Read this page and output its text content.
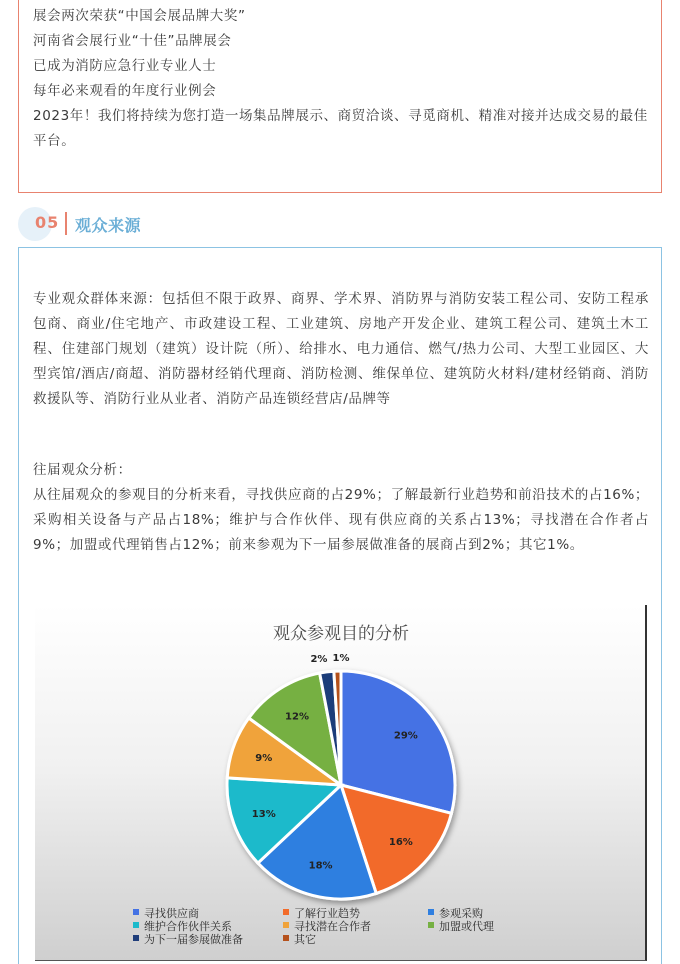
展会两次荣获“中国会展品牌大奖”
河南省会展行业“十佳”品牌展会
已成为消防应急行业专业人士
每年必来观看的年度行业例会
2023年！我们将持续为您打造一场集品牌展示、商贸洽谈、寻觅商机、精准对接并达成交易的最佳平台。
05 观众来源
专业观众群体来源：包括但不限于政界、商界、学术界、消防界与消防安装工程公司、安防工程承包商、商业/住宅地产、市政建设工程、工业建筑、房地产开发企业、建筑工程公司、建筑土木工程、住建部门规划（建筑）设计院（所）、给排水、电力通信、燃气/热力公司、大型工业园区、大型宾馆/酒店/商超、消防器材经销代理商、消防检测、维保单位、建筑防火材料/建材经销商、消防救援队等、消防行业从业者、消防产品连锁经营店/品牌等
往届观众分析：
从往届观众的参观目的分析来看，寻找供应商的占29%；了解最新行业趋势和前沿技术的占16%；采购相关设备与产品占18%；维护与合作伙伴、现有供应商的关系占13%；寻找潜在合作者占9%；加盟或代理销售占12%；前来参观为下一届参展做准备的展商占到2%；其它1%。
观众参观目的分析
29%
16%
18%
13%
9%
12%
2% 1%
寻找供应商	了解行业趋势	参观采购
维护合作伙伴关系	寻找潜在合作者	加盟或代理
为下一届参展做准备	其它
